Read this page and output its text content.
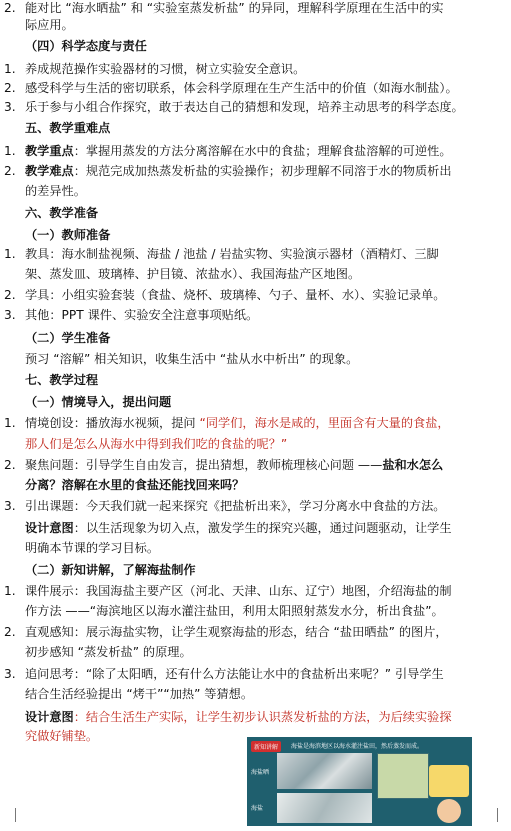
2. 能对比 “海水晒盐” 和 “实验室蒸发析盐” 的异同，理解科学原理在生活中的实
际应用。
（四）科学态度与责任
1. 养成规范操作实验器材的习惯，树立实验安全意识。
2. 感受科学与生活的密切联系，体会科学原理在生产生活中的价值（如海水制盐）。
3. 乐于参与小组合作探究，敢于表达自己的猜想和发现，培养主动思考的科学态度。
五、教学重难点
1. 教学重点：掌握用蒸发的方法分离溶解在水中的食盐；理解食盐溶解的可逆性。
2. 教学难点：规范完成加热蒸发析盐的实验操作；初步理解不同溶于水的物质析出
的差异性。
六、教学准备
（一）教师准备
1. 教具：海水制盐视频、海盐 / 池盐 / 岩盐实物、实验演示器材（酒精灯、三脚
架、蒸发皿、玻璃棒、护目镜、浓盐水）、我国海盐产区地图。
2. 学具：小组实验套装（食盐、烧杯、玻璃棒、勺子、量杯、水）、实验记录单。
3. 其他：PPT 课件、实验安全注意事项贴纸。
（二）学生准备
预习 “溶解” 相关知识，收集生活中 “盐从水中析出” 的现象。
七、教学过程
（一）情境导入，提出问题
1. 情境创设：播放海水视频，提问 “同学们，海水是咸的，里面含有大量的食盐，
那人们是怎么从海水中得到我们吃的食盐的呢？”
2. 聚焦问题：引导学生自由发言，提出猜想，教师梳理核心问题 ——盐和水怎么
分离？溶解在水里的食盐还能找回来吗？
3. 引出课题：今天我们就一起来探究《把盐析出来》，学习分离水中食盐的方法。
设计意图：以生活现象为切入点，激发学生的探究兴趣，通过问题驱动，让学生
明确本节课的学习目标。
（二）新知讲解，了解海盐制作
1. 课件展示：我国海盐主要产区（河北、天津、山东、辽宁）地图，介绍海盐的制
作方法 ——“海滨地区以海水灌注盐田，利用太阳照射蒸发水分，析出食盐”。
2. 直观感知：展示海盐实物，让学生观察海盐的形态，结合 “盐田晒盐” 的图片，
初步感知 “蒸发析盐” 的原理。
3. 追问思考：“除了太阳晒，还有什么方法能让水中的食盐析出来呢？” 引导学生
结合生活经验提出 “烤干”“加热” 等猜想。
设计意图：结合生活生产实际，让学生初步认识蒸发析盐的方法，为后续实验探
究做好铺垫。
新知讲解	海盐是海滨地区以海水灌注盐田，然后蒸发而成。
海盐晒
海盐
